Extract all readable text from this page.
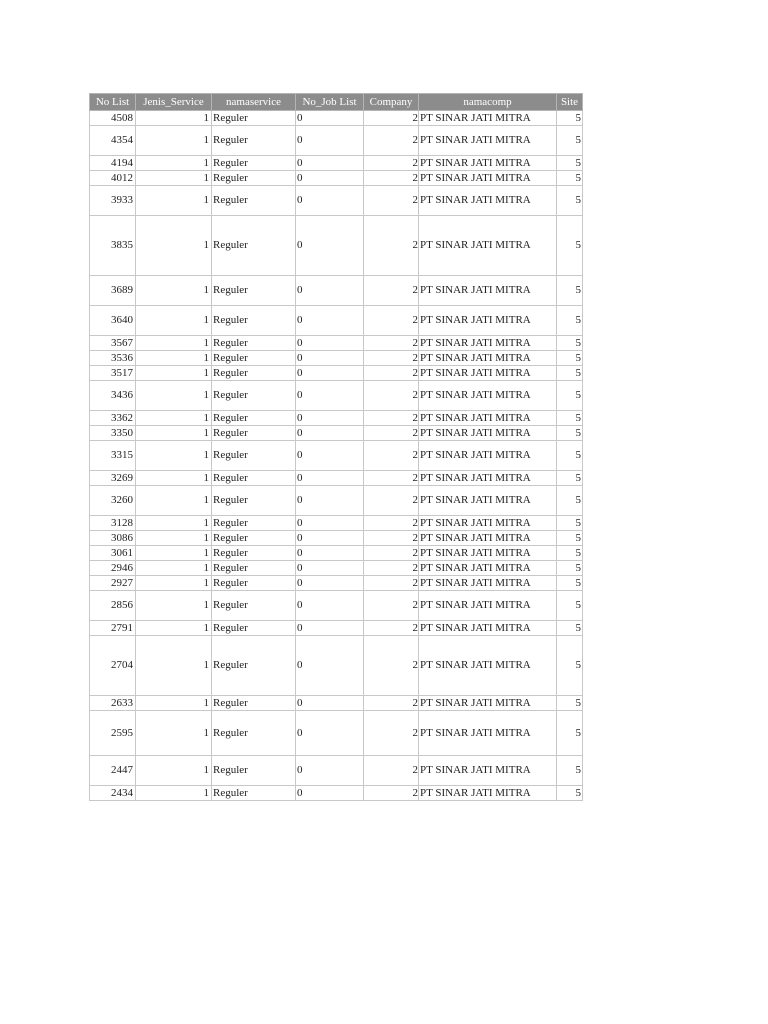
No List	Jenis_Service	namaservice	No_Job List	Company	namacomp	Site
4508	1	Reguler	0	2	PT SINAR JATI MITRA	5
4354	1	Reguler	0	2	PT SINAR JATI MITRA	5
4194	1	Reguler	0	2	PT SINAR JATI MITRA	5
4012	1	Reguler	0	2	PT SINAR JATI MITRA	5
3933	1	Reguler	0	2	PT SINAR JATI MITRA	5
3835	1	Reguler	0	2	PT SINAR JATI MITRA	5
3689	1	Reguler	0	2	PT SINAR JATI MITRA	5
3640	1	Reguler	0	2	PT SINAR JATI MITRA	5
3567	1	Reguler	0	2	PT SINAR JATI MITRA	5
3536	1	Reguler	0	2	PT SINAR JATI MITRA	5
3517	1	Reguler	0	2	PT SINAR JATI MITRA	5
3436	1	Reguler	0	2	PT SINAR JATI MITRA	5
3362	1	Reguler	0	2	PT SINAR JATI MITRA	5
3350	1	Reguler	0	2	PT SINAR JATI MITRA	5
3315	1	Reguler	0	2	PT SINAR JATI MITRA	5
3269	1	Reguler	0	2	PT SINAR JATI MITRA	5
3260	1	Reguler	0	2	PT SINAR JATI MITRA	5
3128	1	Reguler	0	2	PT SINAR JATI MITRA	5
3086	1	Reguler	0	2	PT SINAR JATI MITRA	5
3061	1	Reguler	0	2	PT SINAR JATI MITRA	5
2946	1	Reguler	0	2	PT SINAR JATI MITRA	5
2927	1	Reguler	0	2	PT SINAR JATI MITRA	5
2856	1	Reguler	0	2	PT SINAR JATI MITRA	5
2791	1	Reguler	0	2	PT SINAR JATI MITRA	5
2704	1	Reguler	0	2	PT SINAR JATI MITRA	5
2633	1	Reguler	0	2	PT SINAR JATI MITRA	5
2595	1	Reguler	0	2	PT SINAR JATI MITRA	5
2447	1	Reguler	0	2	PT SINAR JATI MITRA	5
2434	1	Reguler	0	2	PT SINAR JATI MITRA	5
